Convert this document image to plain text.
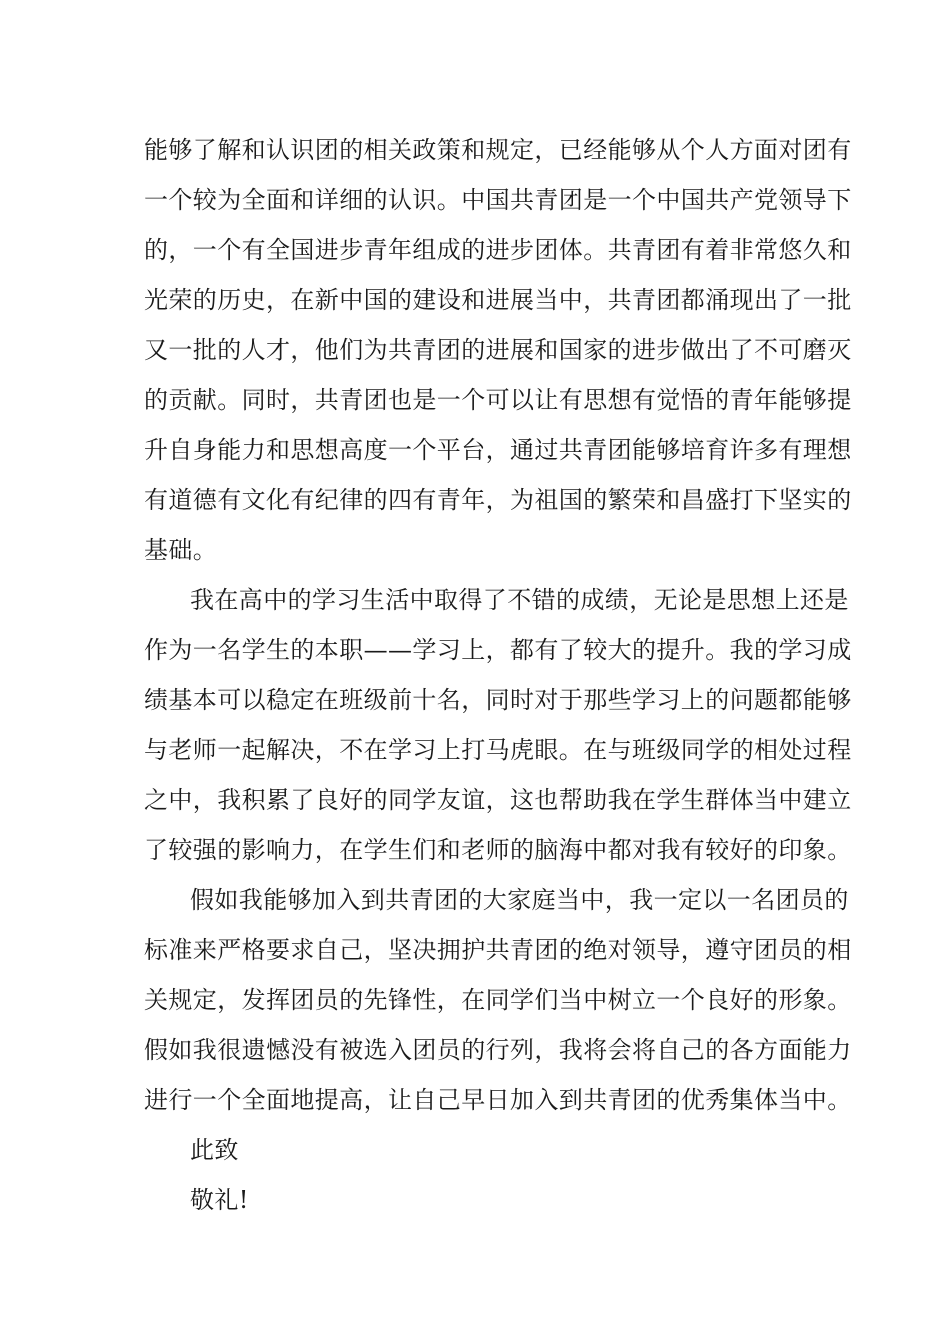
能够了解和认识团的相关政策和规定，已经能够从个人方面对团有
一个较为全面和详细的认识。中国共青团是一个中国共产党领导下
的，一个有全国进步青年组成的进步团体。共青团有着非常悠久和
光荣的历史，在新中国的建设和进展当中，共青团都涌现出了一批
又一批的人才，他们为共青团的进展和国家的进步做出了不可磨灭
的贡献。同时，共青团也是一个可以让有思想有觉悟的青年能够提
升自身能力和思想高度一个平台，通过共青团能够培育许多有理想
有道德有文化有纪律的四有青年，为祖国的繁荣和昌盛打下坚实的
基础。
我在高中的学习生活中取得了不错的成绩，无论是思想上还是
作为一名学生的本职——学习上，都有了较大的提升。我的学习成
绩基本可以稳定在班级前十名，同时对于那些学习上的问题都能够
与老师一起解决，不在学习上打马虎眼。在与班级同学的相处过程
之中，我积累了良好的同学友谊，这也帮助我在学生群体当中建立
了较强的影响力，在学生们和老师的脑海中都对我有较好的印象。
假如我能够加入到共青团的大家庭当中，我一定以一名团员的
标准来严格要求自己，坚决拥护共青团的绝对领导，遵守团员的相
关规定，发挥团员的先锋性，在同学们当中树立一个良好的形象。
假如我很遗憾没有被选入团员的行列，我将会将自己的各方面能力
进行一个全面地提高，让自己早日加入到共青团的优秀集体当中。
此致
敬礼!
